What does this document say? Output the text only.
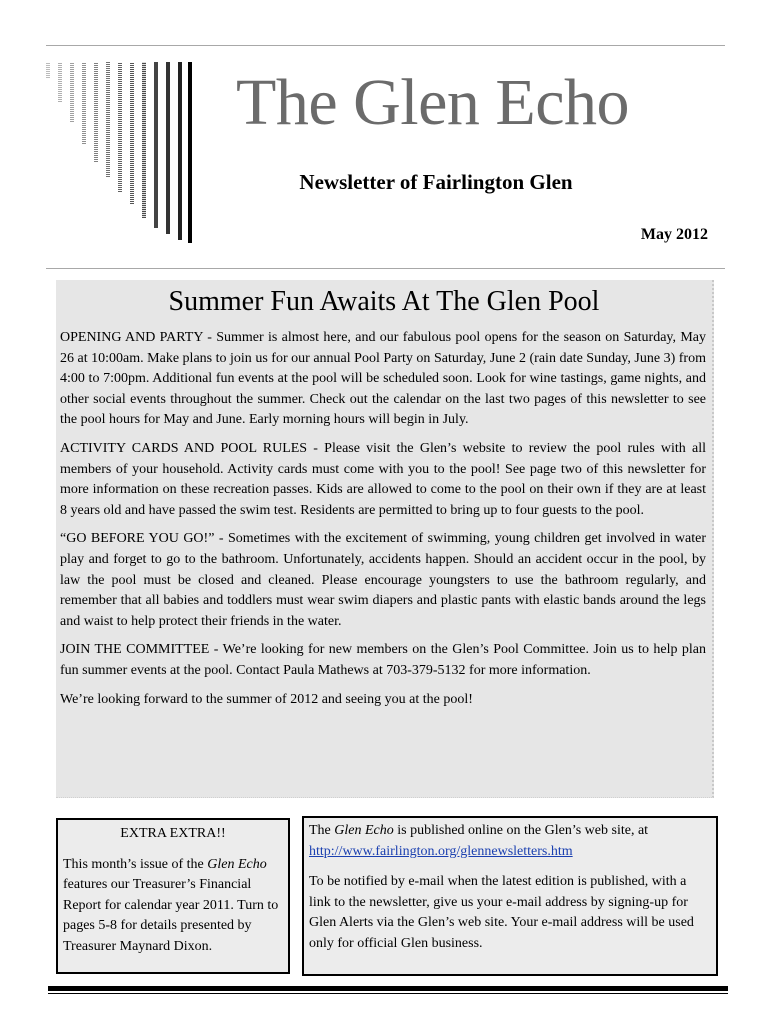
The Glen Echo
Newsletter of Fairlington Glen
May 2012
Summer Fun Awaits At The Glen Pool

OPENING AND PARTY - Summer is almost here, and our fabulous pool opens for the season on Saturday, May 26 at 10:00am. Make plans to join us for our annual Pool Party on Saturday, June 2 (rain date Sunday, June 3) from 4:00 to 7:00pm. Additional fun events at the pool will be scheduled soon. Look for wine tastings, game nights, and other social events throughout the summer. Check out the calendar on the last two pages of this newsletter to see the pool hours for May and June. Early morning hours will begin in July.

ACTIVITY CARDS AND POOL RULES - Please visit the Glen’s website to review the pool rules with all members of your household. Activity cards must come with you to the pool! See page two of this newsletter for more information on these recreation passes. Kids are allowed to come to the pool on their own if they are at least 8 years old and have passed the swim test. Residents are permitted to bring up to four guests to the pool.

“GO BEFORE YOU GO!” - Sometimes with the excitement of swimming, young children get involved in water play and forget to go to the bathroom. Unfortunately, accidents happen. Should an accident occur in the pool, by law the pool must be closed and cleaned. Please encourage youngsters to use the bathroom regularly, and remember that all babies and toddlers must wear swim diapers and plastic pants with elastic bands around the legs and waist to help protect their friends in the water.

JOIN THE COMMITTEE - We’re looking for new members on the Glen’s Pool Committee. Join us to help plan fun summer events at the pool. Contact Paula Mathews at 703-379-5132 for more information.

We’re looking forward to the summer of 2012 and seeing you at the pool!

EXTRA EXTRA!!
This month’s issue of the Glen Echo features our Treasurer’s Financial Report for calendar year 2011. Turn to pages 5-8 for details presented by Treasurer Maynard Dixon.
The Glen Echo is published online on the Glen’s web site, at
http://www.fairlington.org/glennewsletters.htm
To be notified by e-mail when the latest edition is published, with a link to the newsletter, give us your e-mail address by signing-up for Glen Alerts via the Glen’s web site. Your e-mail address will be used only for official Glen business.
